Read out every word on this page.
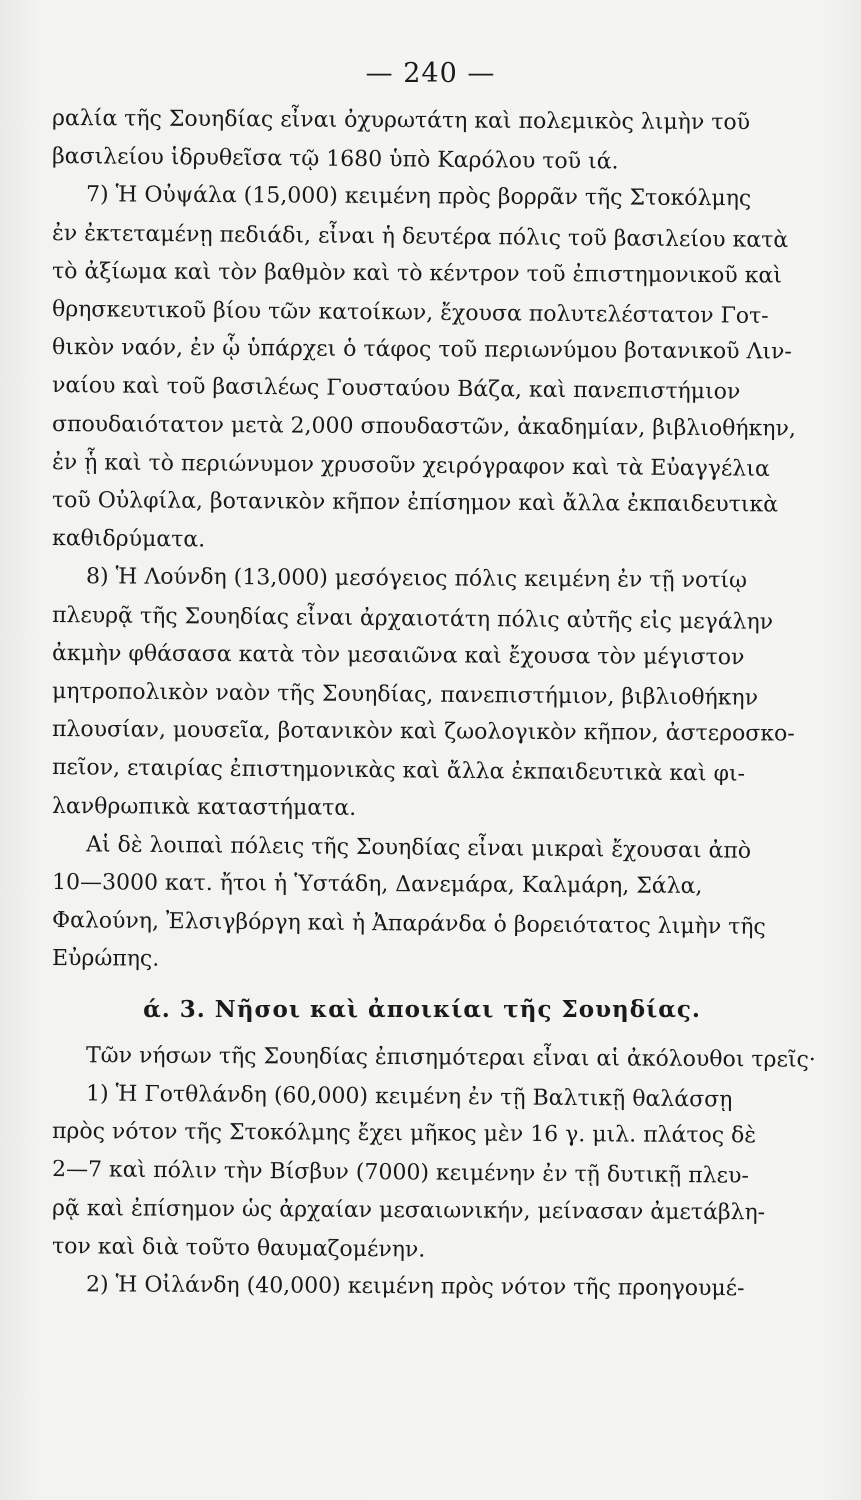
— 240 —
ραλία τῆς Σουηδίας εἶναι ὀχυρωτάτη καὶ πολεμικὸς λιμὴν τοῦ
βασιλείου ἱδρυθεῖσα τῷ 1680 ὑπὸ Καρόλου τοῦ ιά.
7) Ἡ Οὐψάλα (15,000) κειμένη πρὸς βορρᾶν τῆς Στοκόλμης
ἐν ἐκτεταμένῃ πεδιάδι, εἶναι ἡ δευτέρα πόλις τοῦ βασιλείου κατὰ
τὸ ἀξίωμα καὶ τὸν βαθμὸν καὶ τὸ κέντρον τοῦ ἐπιστημονικοῦ καὶ
θρησκευτικοῦ βίου τῶν κατοίκων, ἔχουσα πολυτελέστατον Γοτ-
θικὸν ναόν, ἐν ᾧ ὑπάρχει ὁ τάφος τοῦ περιωνύμου βοτανικοῦ Λιν-
ναίου καὶ τοῦ βασιλέως Γουσταύου Βάζα, καὶ πανεπιστήμιον
σπουδαιότατον μετὰ 2,000 σπουδαστῶν, ἀκαδημίαν, βιβλιοθήκην,
ἐν ᾗ καὶ τὸ περιώνυμον χρυσοῦν χειρόγραφον καὶ τὰ Εὐαγγέλια
τοῦ Οὐλφίλα, βοτανικὸν κῆπον ἐπίσημον καὶ ἄλλα ἐκπαιδευτικὰ
καθιδρύματα.
8) Ἡ Λούνδη (13,000) μεσόγειος πόλις κειμένη ἐν τῇ νοτίῳ
πλευρᾷ τῆς Σουηδίας εἶναι ἀρχαιοτάτη πόλις αὐτῆς εἰς μεγάλην
ἀκμὴν φθάσασα κατὰ τὸν μεσαιῶνα καὶ ἔχουσα τὸν μέγιστον
μητροπολικὸν ναὸν τῆς Σουηδίας, πανεπιστήμιον, βιβλιοθήκην
πλουσίαν, μουσεῖα, βοτανικὸν καὶ ζωολογικὸν κῆπον, ἀστεροσκο-
πεῖον, εταιρίας ἐπιστημονικὰς καὶ ἄλλα ἐκπαιδευτικὰ καὶ φι-
λανθρωπικὰ καταστήματα.
Αἱ δὲ λοιπαὶ πόλεις τῆς Σουηδίας εἶναι μικραὶ ἔχουσαι ἀπὸ
10—3000 κατ. ἤτοι ἡ Ὑστάδη, Δανεμάρα, Καλμάρη, Σάλα,
Φαλούνη, Ἐλσιγβόργη καὶ ἡ Ἀπαράνδα ὁ βορειότατος λιμὴν τῆς
Εὐρώπης.
ά. 3. Νῆσοι καὶ ἀποικίαι τῆς Σουηδίας.
Τῶν νήσων τῆς Σουηδίας ἐπισημότεραι εἶναι αἱ ἀκόλουθοι τρεῖς·
1) Ἡ Γοτθλάνδη (60,000) κειμένη ἐν τῇ Βαλτικῇ θαλάσσῃ
πρὸς νότον τῆς Στοκόλμης ἔχει μῆκος μὲν 16 γ. μιλ. πλάτος δὲ
2—7 καὶ πόλιν τὴν Βίσβυν (7000) κειμένην ἐν τῇ δυτικῇ πλευ-
ρᾷ καὶ ἐπίσημον ὡς ἀρχαίαν μεσαιωνικήν, μείνασαν ἀμετάβλη-
τον καὶ διὰ τοῦτο θαυμαζομένην.
2) Ἡ Οἰλάνδη (40,000) κειμένη πρὸς νότον τῆς προηγουμέ-
